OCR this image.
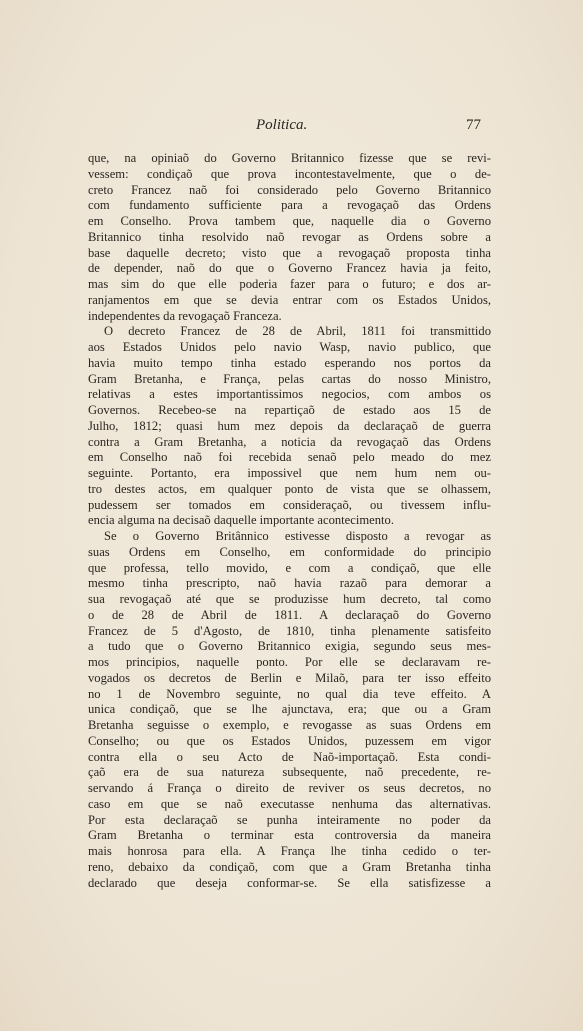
Politica.	77
que, na opiniaõ do Governo Britannico fizesse que se revi-
vessem: condiçaõ que prova incontestavelmente, que o de-
creto Francez naõ foi considerado pelo Governo Britannico
com fundamento sufficiente para a revogaçaõ das Ordens
em Conselho. Prova tambem que, naquelle dia o Governo
Britannico tinha resolvido naõ revogar as Ordens sobre a
base daquelle decreto; visto que a revogaçaõ proposta tinha
de depender, naõ do que o Governo Francez havia ja feito,
mas sim do que elle poderia fazer para o futuro; e dos ar-
ranjamentos em que se devia entrar com os Estados Unidos,
independentes da revogaçaõ Franceza.
O decreto Francez de 28 de Abril, 1811 foi transmittido
aos Estados Unidos pelo navio Wasp, navio publico, que
havia muito tempo tinha estado esperando nos portos da
Gram Bretanha, e França, pelas cartas do nosso Ministro,
relativas a estes importantissimos negocios, com ambos os
Governos. Recebeo-se na repartiçaõ de estado aos 15 de
Julho, 1812; quasi hum mez depois da declaraçaõ de guerra
contra a Gram Bretanha, a noticia da revogaçaõ das Ordens
em Conselho naõ foi recebida senaõ pelo meado do mez
seguinte. Portanto, era impossivel que nem hum nem ou-
tro destes actos, em qualquer ponto de vista que se olhassem,
pudessem ser tomados em consideraçaõ, ou tivessem influ-
encia alguma na decisaõ daquelle importante acontecimento.
Se o Governo Britânnico estivesse disposto a revogar as
suas Ordens em Conselho, em conformidade do principio
que professa, tello movido, e com a condiçaõ, que elle
mesmo tinha prescripto, naõ havia razaõ para demorar a
sua revogaçaõ até que se produzisse hum decreto, tal como
o de 28 de Abril de 1811. A declaraçaõ do Governo
Francez de 5 d'Agosto, de 1810, tinha plenamente satisfeito
a tudo que o Governo Britannico exigia, segundo seus mes-
mos principios, naquelle ponto. Por elle se declaravam re-
vogados os decretos de Berlin e Milaõ, para ter isso effeito
no 1 de Novembro seguinte, no qual dia teve effeito. A
unica condiçaõ, que se lhe ajunctava, era; que ou a Gram
Bretanha seguisse o exemplo, e revogasse as suas Ordens em
Conselho; ou que os Estados Unidos, puzessem em vigor
contra ella o seu Acto de Naõ-importaçaõ. Esta condi-
çaõ era de sua natureza subsequente, naõ precedente, re-
servando á França o direito de reviver os seus decretos, no
caso em que se naõ executasse nenhuma das alternativas.
Por esta declaraçaõ se punha inteiramente no poder da
Gram Bretanha o terminar esta controversia da maneira
mais honrosa para ella. A França lhe tinha cedido o ter-
reno, debaixo da condiçaõ, com que a Gram Bretanha tinha
declarado que deseja conformar-se. Se ella satisfizesse a
